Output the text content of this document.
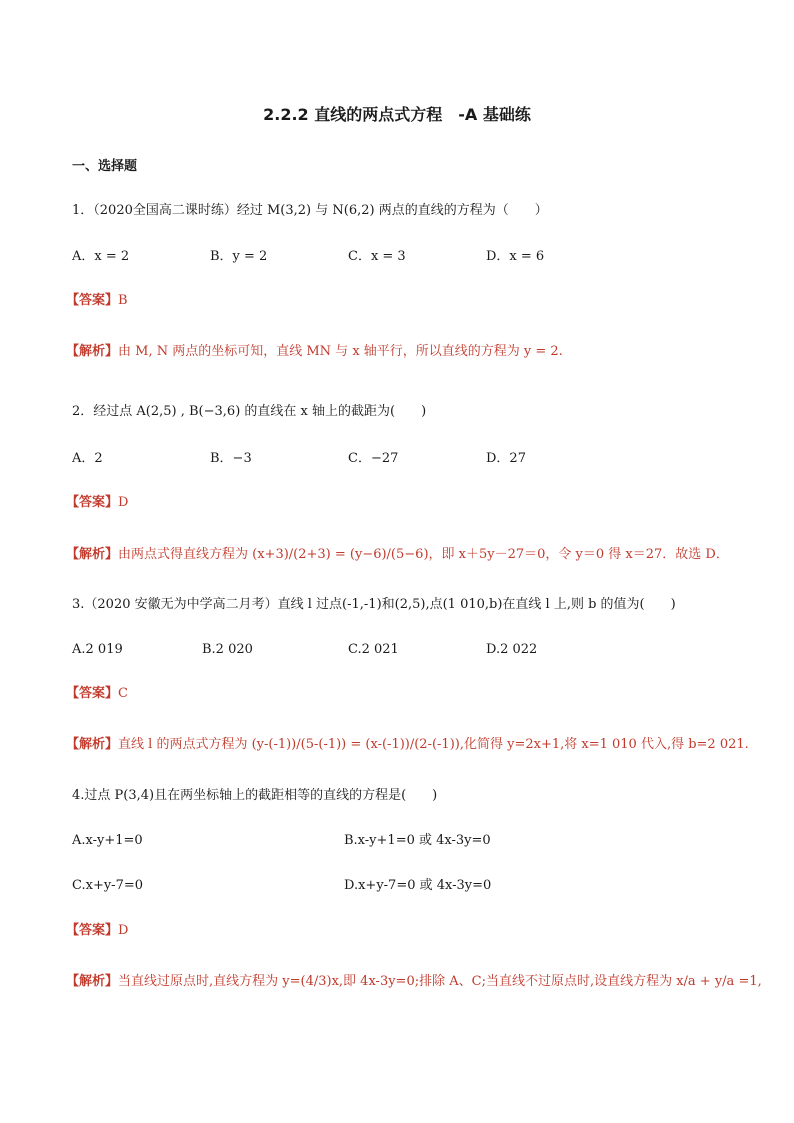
2.2.2 直线的两点式方程　-A 基础练
一、选择题
1．（2020全国高二课时练）经过 M(3,2) 与 N(6,2) 两点的直线的方程为（　　）
A．x = 2	B．y = 2	C．x = 3	D．x = 6
【答案】B
【解析】由 M, N 两点的坐标可知，直线 MN 与 x 轴平行，所以直线的方程为 y = 2.
2．经过点 A(2,5) , B(−3,6) 的直线在 x 轴上的截距为(　　)
A．2	B．−3	C．−27	D．27
【答案】D
【解析】由两点式得直线方程为 (x+3)/(2+3) = (y−6)/(5−6)，即 x＋5y－27＝0，令 y＝0 得 x＝27．故选 D．
3.（2020 安徽无为中学高二月考）直线 l 过点(-1,-1)和(2,5),点(1 010,b)在直线 l 上,则 b 的值为(　　)
A.2 019	B.2 020	C.2 021	D.2 022
【答案】C
【解析】直线 l 的两点式方程为 (y-(-1))/(5-(-1)) = (x-(-1))/(2-(-1)),化简得 y=2x+1,将 x=1 010 代入,得 b=2 021.
4.过点 P(3,4)且在两坐标轴上的截距相等的直线的方程是(　　)
A.x-y+1=0	B.x-y+1=0 或 4x-3y=0
C.x+y-7=0	D.x+y-7=0 或 4x-3y=0
【答案】D
【解析】当直线过原点时,直线方程为 y=(4/3)x,即 4x-3y=0;排除 A、C;当直线不过原点时,设直线方程为 x/a + y/a =1,
